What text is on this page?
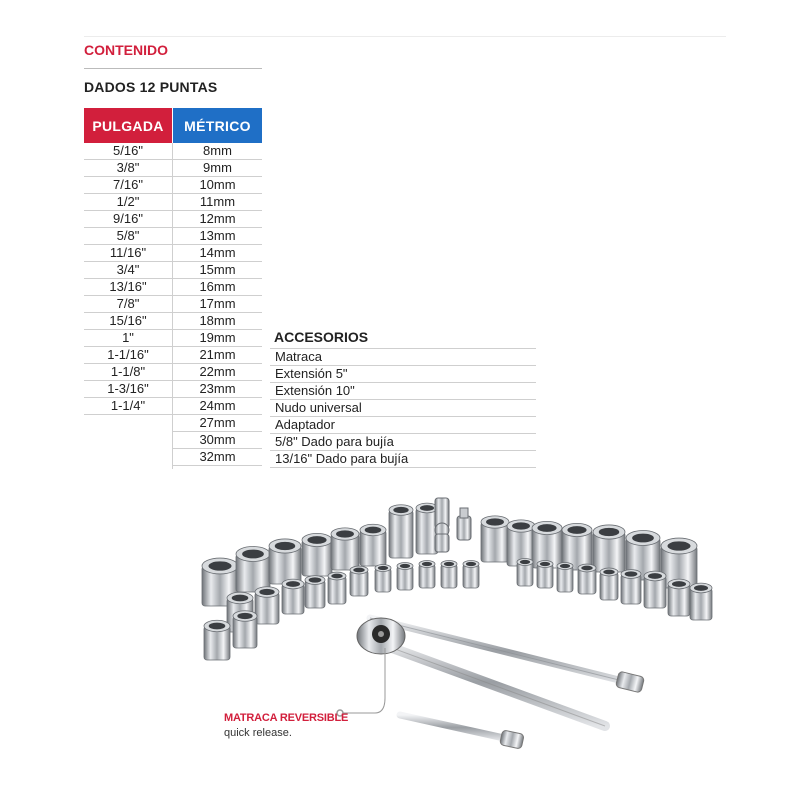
CONTENIDO
DADOS 12 PUNTAS
PULGADA	MÉTRICO
5/16"
3/8"
7/16"
1/2"
9/16"
5/8"
11/16"
3/4"
13/16"
7/8"
15/16"
1"
1-1/16"
1-1/8"
1-3/16"
1-1/4"
8mm
9mm
10mm
11mm
12mm
13mm
14mm
15mm
16mm
17mm
18mm
19mm
21mm
22mm
23mm
24mm
27mm
30mm
32mm
ACCESORIOS
Matraca
Extensión 5"
Extensión 10"
Nudo universal
Adaptador
5/8" Dado para bujía
13/16" Dado para bujía
MATRACA REVERSIBLE
quick release.
